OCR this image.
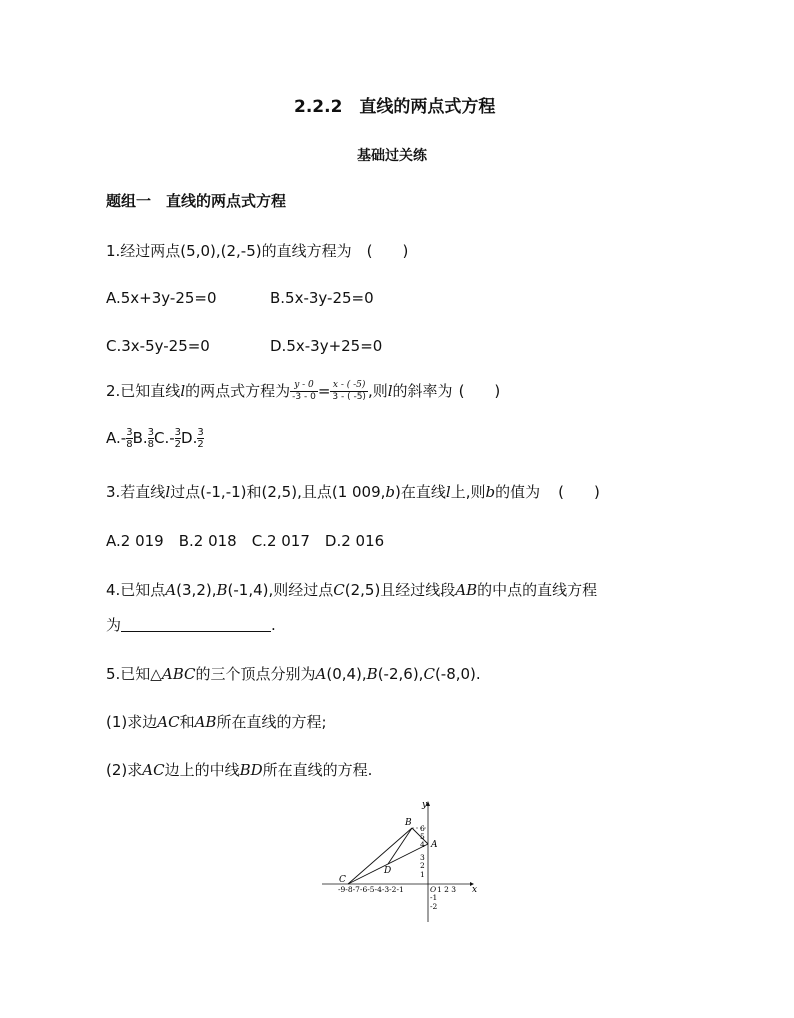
2.2.2　直线的两点式方程
基础过关练
题组一　直线的两点式方程
1.经过两点(5,0),(2,-5)的直线方程为　(　　)
A.5x+3y-25=0	B.5x-3y-25=0
C.3x-5y-25=0	D.5x-3y+25=0
2.已知直线l的两点式方程为 $\frac{y - 0}{-3 - 0} = \frac{x - ( -5)}{3 - ( -5)}$ ,则l的斜率为 (　　)
$A.- \frac{3}{8} B$. $\frac{3}{8} C.- \frac{3}{2} D$. $\frac{3}{2}$
3.若直线l过点(-1,-1)和(2,5),且点(1 009,b)在直线l上,则b的值为 (　　)
A.2 019　B.2 018　C.2 017　D.2 016
4.已知点A(3,2),B(-1,4),则经过点C(2,5)且经过线段AB的中点的直线方程
为	.
5.已知△ABC的三个顶点分别为A(0,4),B(-2,6),C(-8,0).
(1)求边AC和AB所在直线的方程;
(2)求AC边上的中线BD所在直线的方程.
x
y
B
A
C
D
-9-8-7-6-5-4-3-2-1	O 1 2 3
6
5
4
3
2
1
-1
-2
